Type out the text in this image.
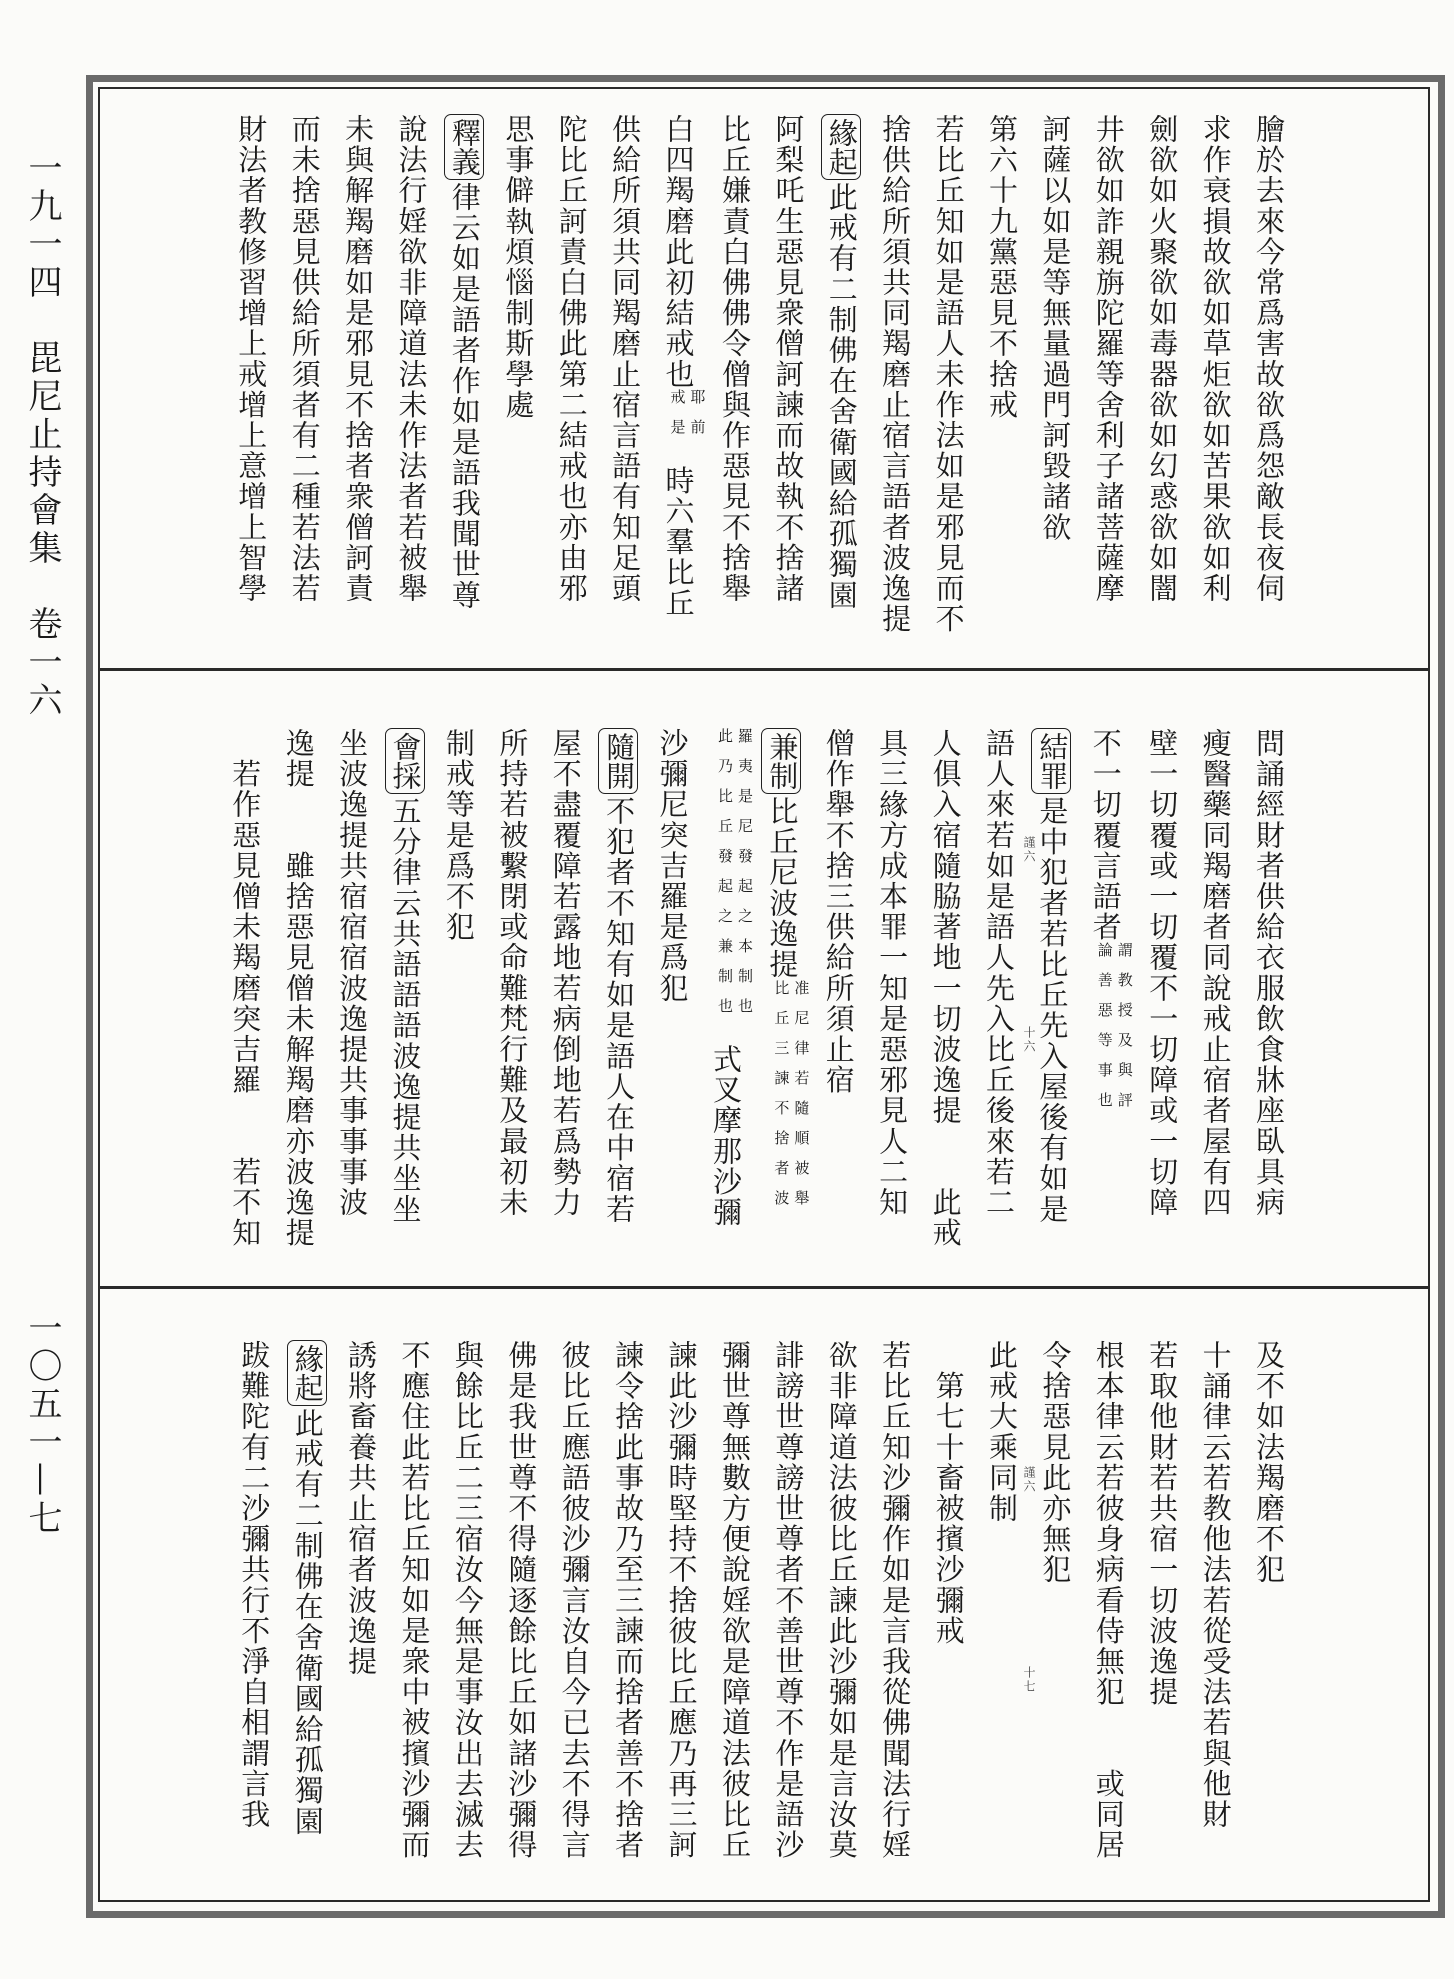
一九一四　毘尼止持會集　卷一六
一〇五一—七
膾於去來今常爲害故欲爲怨敵長夜伺
求作衰損故欲如草炬欲如苦果欲如利
劍欲如火聚欲如毒器欲如幻惑欲如闇
井欲如詐親旃陀羅等舍利子諸菩薩摩
訶薩以如是等無量過門訶毀諸欲
第六十九黨惡見不捨戒
若比丘知如是語人未作法如是邪見而不
捨供給所須共同羯磨止宿言語者波逸提
緣起此戒有二制佛在舍衛國給孤獨園
阿梨吒生惡見衆僧訶諫而故執不捨諸
比丘嫌責白佛佛令僧與作惡見不捨舉
白四羯磨此初結戒也耶前戒是時六羣比丘
供給所須共同羯磨止宿言語有知足頭
陀比丘訶責白佛此第二結戒也亦由邪
思事僻執煩惱制斯學處
釋義律云如是語者作如是語我聞世尊
說法行婬欲非障道法未作法者若被舉
未與解羯磨如是邪見不捨者衆僧訶責
而未捨惡見供給所須者有二種若法若
財法者教修習增上戒增上意增上智學
問誦經財者供給衣服飲食牀座臥具病
瘦醫藥同羯磨者同說戒止宿者屋有四
壁一切覆或一切覆不一切障或一切障
不一切覆言語者謂教授及與評論善惡等事也
結罪是中犯者若比丘先入屋後有如是
語人來若如是語人先入比丘後來若二
人俱入宿隨脇著地一切波逸提　　此戒
具三緣方成本罪一知是惡邪見人二知
僧作舉不捨三供給所須止宿
兼制比丘尼波逸提准尼律若隨順被舉比丘三諫不捨者波
羅夷是尼發起之本制也此乃比丘發起之兼制也式叉摩那沙彌
沙彌尼突吉羅是爲犯
隨開不犯者不知有如是語人在中宿若
屋不盡覆障若露地若病倒地若爲勢力
所持若被繫閉或命難梵行難及最初未
制戒等是爲不犯
會採五分律云共語語語波逸提共坐坐
坐波逸提共宿宿宿波逸提共事事事波
逸提　　雖捨惡見僧未解羯磨亦波逸提
　若作惡見僧未羯磨突吉羅　　若不知
及不如法羯磨不犯
十誦律云若教他法若從受法若與他財
若取他財若共宿一切波逸提
根本律云若彼身病看侍無犯　　或同居
令捨惡見此亦無犯
此戒大乘同制
　第七十畜被擯沙彌戒
若比丘知沙彌作如是言我從佛聞法行婬
欲非障道法彼比丘諫此沙彌如是言汝莫
誹謗世尊謗世尊者不善世尊不作是語沙
彌世尊無數方便說婬欲是障道法彼比丘
諫此沙彌時堅持不捨彼比丘應乃再三訶
諫令捨此事故乃至三諫而捨者善不捨者
彼比丘應語彼沙彌言汝自今已去不得言
佛是我世尊不得隨逐餘比丘如諸沙彌得
與餘比丘二三宿汝今無是事汝出去滅去
不應住此若比丘知如是衆中被擯沙彌而
誘將畜養共止宿者波逸提
緣起此戒有二制佛在舍衛國給孤獨園
跋難陀有二沙彌共行不淨自相謂言我
謹六
十六
謹六
十七
